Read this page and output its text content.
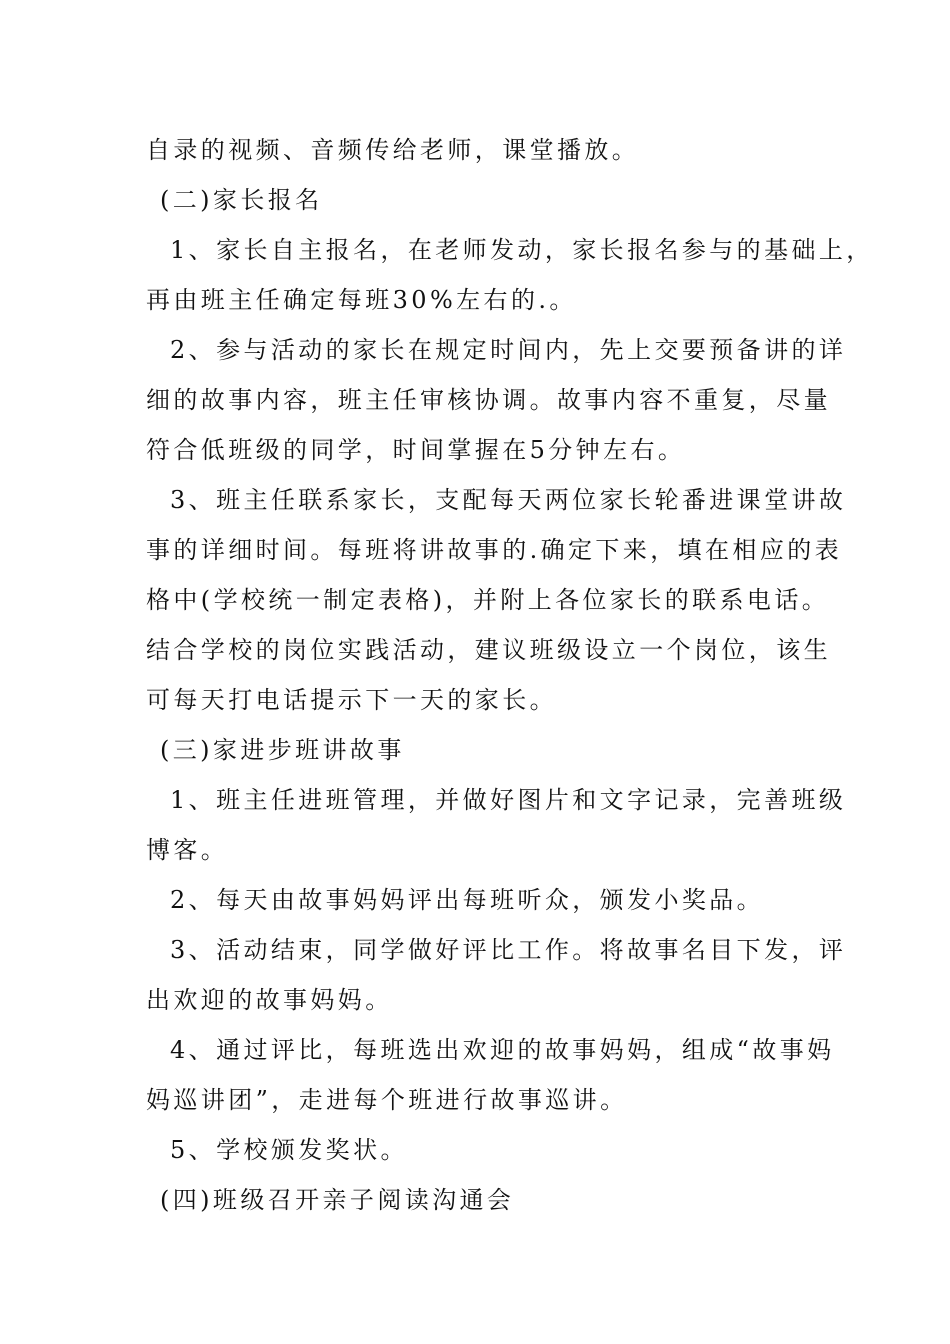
自录的视频、音频传给老师，课堂播放。
(二)家长报名
1、家长自主报名，在老师发动，家长报名参与的基础上，
再由班主任确定每班30%左右的.。
2、参与活动的家长在规定时间内，先上交要预备讲的详
细的故事内容，班主任审核协调。故事内容不重复，尽量
符合低班级的同学，时间掌握在5分钟左右。
3、班主任联系家长，支配每天两位家长轮番进课堂讲故
事的详细时间。每班将讲故事的.确定下来，填在相应的表
格中(学校统一制定表格)，并附上各位家长的联系电话。
结合学校的岗位实践活动，建议班级设立一个岗位，该生
可每天打电话提示下一天的家长。
(三)家进步班讲故事
1、班主任进班管理，并做好图片和文字记录，完善班级
博客。
2、每天由故事妈妈评出每班听众，颁发小奖品。
3、活动结束，同学做好评比工作。将故事名目下发，评
出欢迎的故事妈妈。
4、通过评比，每班选出欢迎的故事妈妈，组成“故事妈
妈巡讲团”，走进每个班进行故事巡讲。
5、学校颁发奖状。
(四)班级召开亲子阅读沟通会
